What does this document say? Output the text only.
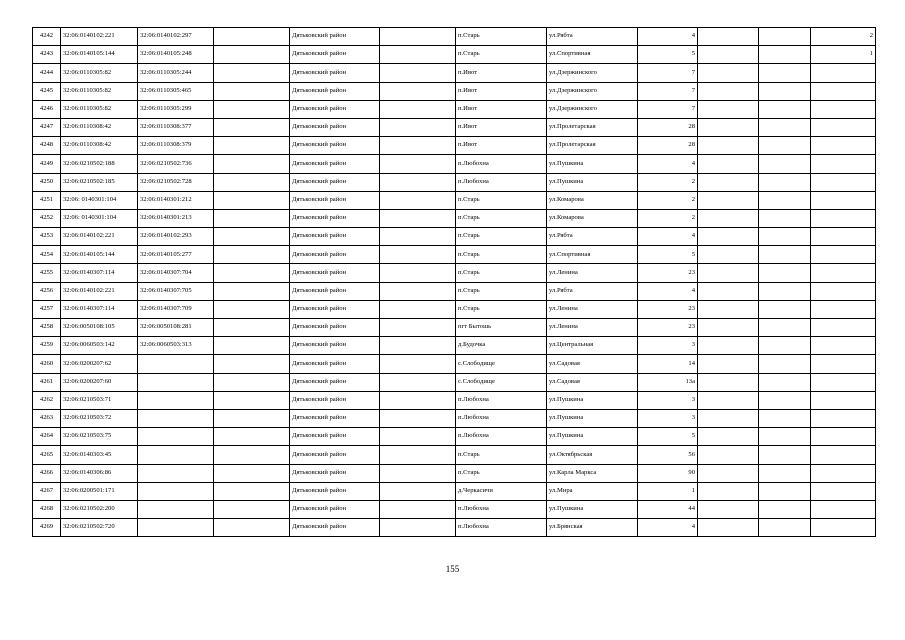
4242	32:06:0140102:221	32:06:0140102:297		Дятьковский район		п.Старь	ул.Рябта	4			2
4243	32:06:0140105:144	32:06:0140105:248		Дятьковский район		п.Старь	ул.Спортивная	5			1
4244	32:06:0110305:82	32:06:0110305:244		Дятьковский район		п.Ивот	ул.Дзержинского	7			
4245	32:06:0110305:82	32:06:0110305:465		Дятьковский район		п.Ивот	ул.Дзержинского	7			
4246	32:06:0110305:82	32:06:0110305:299		Дятьковский район		п.Ивот	ул.Дзержинского	7			
4247	32:06:0110308:42	32:06:0110308:377		Дятьковский район		п.Ивот	ул.Пролетарская	28			
4248	32:06:0110308:42	32:06:0110308:379		Дятьковский район		п.Ивот	ул.Пролетарская	28			
4249	32:06:0210502:188	32:06:0210502:736		Дятьковский район		п.Любохна	ул.Пушкина	4			
4250	32:06:0210502:185	32:06:0210502:728		Дятьковский район		п.Любохна	ул.Пушкина	2			
4251	32:06: 0140301:104	32:06:0140301:212		Дятьковский район		п.Старь	ул.Комарова	2			
4252	32:06: 0140301:104	32:06:0140301:213		Дятьковский район		п.Старь	ул.Комарова	2			
4253	32:06:0140102:221	32:06:0140102:293		Дятьковский район		п.Старь	ул.Рябта	4			
4254	32:06:0140105:144	32:06:0140105:277		Дятьковский район		п.Старь	ул.Спортивная	5			
4255	32:06:0140307:114	32:06:0140307:704		Дятьковский район		п.Старь	ул.Ленина	23			
4256	32:06:0140102:221	32:06:0140307:705		Дятьковский район		п.Старь	ул.Рябта	4			
4257	32:06:0140307:114	32:06:0140307:709		Дятьковский район		п.Старь	ул.Ленина	23			
4258	32:06:0050108:105	32:06:0050108:281		Дятьковский район		пгт Бытошь	ул.Ленина	23			
4259	32:06:0060503:142	32:06:0060503:313		Дятьковский район		д.Будочка	ул.Центральная	3			
4260	32:06:0200207:62			Дятьковский район		с.Слободище	ул.Садовая	14			
4261	32:06:0200207:60			Дятьковский район		с.Слободище	ул.Садовая	13а			
4262	32:06:0210503:71			Дятьковский район		п.Любохна	ул.Пушкина	3			
4263	32:06:0210503:72			Дятьковский район		п.Любохна	ул.Пушкина	3			
4264	32:06:0210503:75			Дятьковский район		п.Любохна	ул.Пушкина	5			
4265	32:06:0140303:45			Дятьковский район		п.Старь	ул.Октябрьская	56			
4266	32:06:0140306:86			Дятьковский район		п.Старь	ул.Карла Маркса	90			
4267	32:06:0200501:171			Дятьковский район		д.Черкасичи	ул.Мира	1			
4268	32:06:0210502:200			Дятьковский район		п.Любохна	ул.Пушкина	44			
4269	32:06:0210502:720			Дятьковский район		п.Любохна	ул.Брянская	4			
155
